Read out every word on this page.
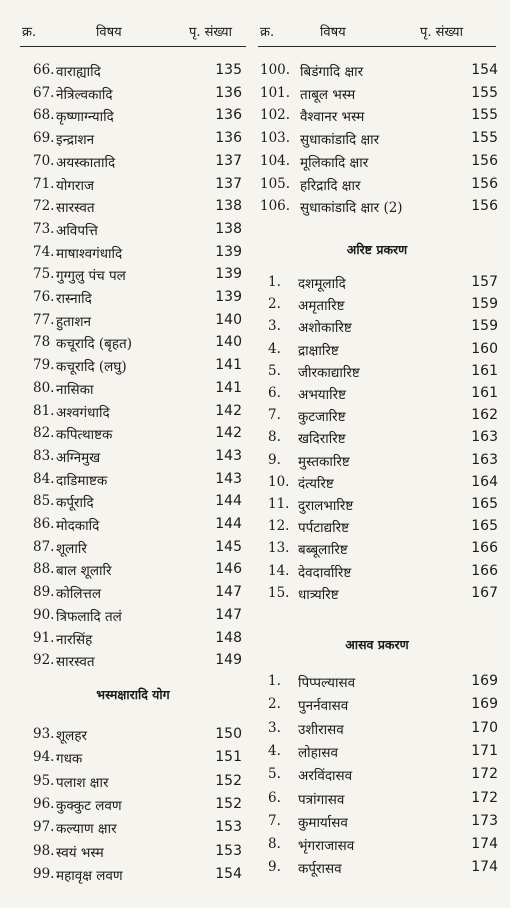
क्र.	विषय	पृ. संख्या
66. वाराह्यादि	135
67. नेत्रिल्वकादि	136
68. कृष्णाग्न्यादि	136
69. इन्द्राशन	136
70. अयस्कातादि	137
71. योगराज	137
72. सारस्वत	138
73. अविपत्ति	138
74. माषाश्वगंधादि	139
75. गुग्गुलु पंच पल	139
76. रास्नादि	139
77. हुताशन	140
78 कचूरादि (बृहत)	140
79. कचूरादि (लघु)	141
80. नासिका	141
81. अश्वगंधादि	142
82. कपित्थाष्टक	142
83. अग्निमुख	143
84. दाडिमाष्टक	143
85. कर्पूरादि	144
86. मोदकादि	144
87. शूलारि	145
88. बाल शूलारि	146
89. कोलित्तल	147
90. त्रिफलादि तलं	147
91. नारसिंह	148
92. सारस्वत	149
भस्मक्षारादि योग
93. शूलहर	150
94. गधक	151
95. पलाश क्षार	152
96. कुक्कुट लवण	152
97. कल्याण क्षार	153
98. स्वयं भस्म	153
99. महावृक्ष लवण	154
क्र.	विषय	पृ. संख्या
100. बिडंगादि क्षार	154
101. ताबूल भस्म	155
102. वैश्वानर भस्म	155
103. सुधाकांडादि क्षार	155
104. मूलिकादि क्षार	156
105. हरिद्रादि क्षार	156
106. सुधाकांडादि क्षार (2)	156
अरिष्ट प्रकरण
1. दशमूलादि	157
2. अमृतारिष्ट	159
3. अशोकारिष्ट	159
4. द्राक्षारिष्ट	160
5. जीरकाद्यारिष्ट	161
6. अभयारिष्ट	161
7. कुटजारिष्ट	162
8. खदिरारिष्ट	163
9. मुस्तकारिष्ट	163
10. दंत्यरिष्ट	164
11. दुरालभारिष्ट	165
12. पर्पटाद्यरिष्ट	165
13. बब्बूलारिष्ट	166
14. देवदार्वारिष्ट	166
15. धात्र्यरिष्ट	167
आसव प्रकरण
1. पिप्पल्यासव	169
2. पुनर्नवासव	169
3. उशीरासव	170
4. लोहासव	171
5. अरविंदासव	172
6. पत्रांगासव	172
7. कुमार्यासव	173
8. भृंगराजासव	174
9. कर्पूरासव	174
